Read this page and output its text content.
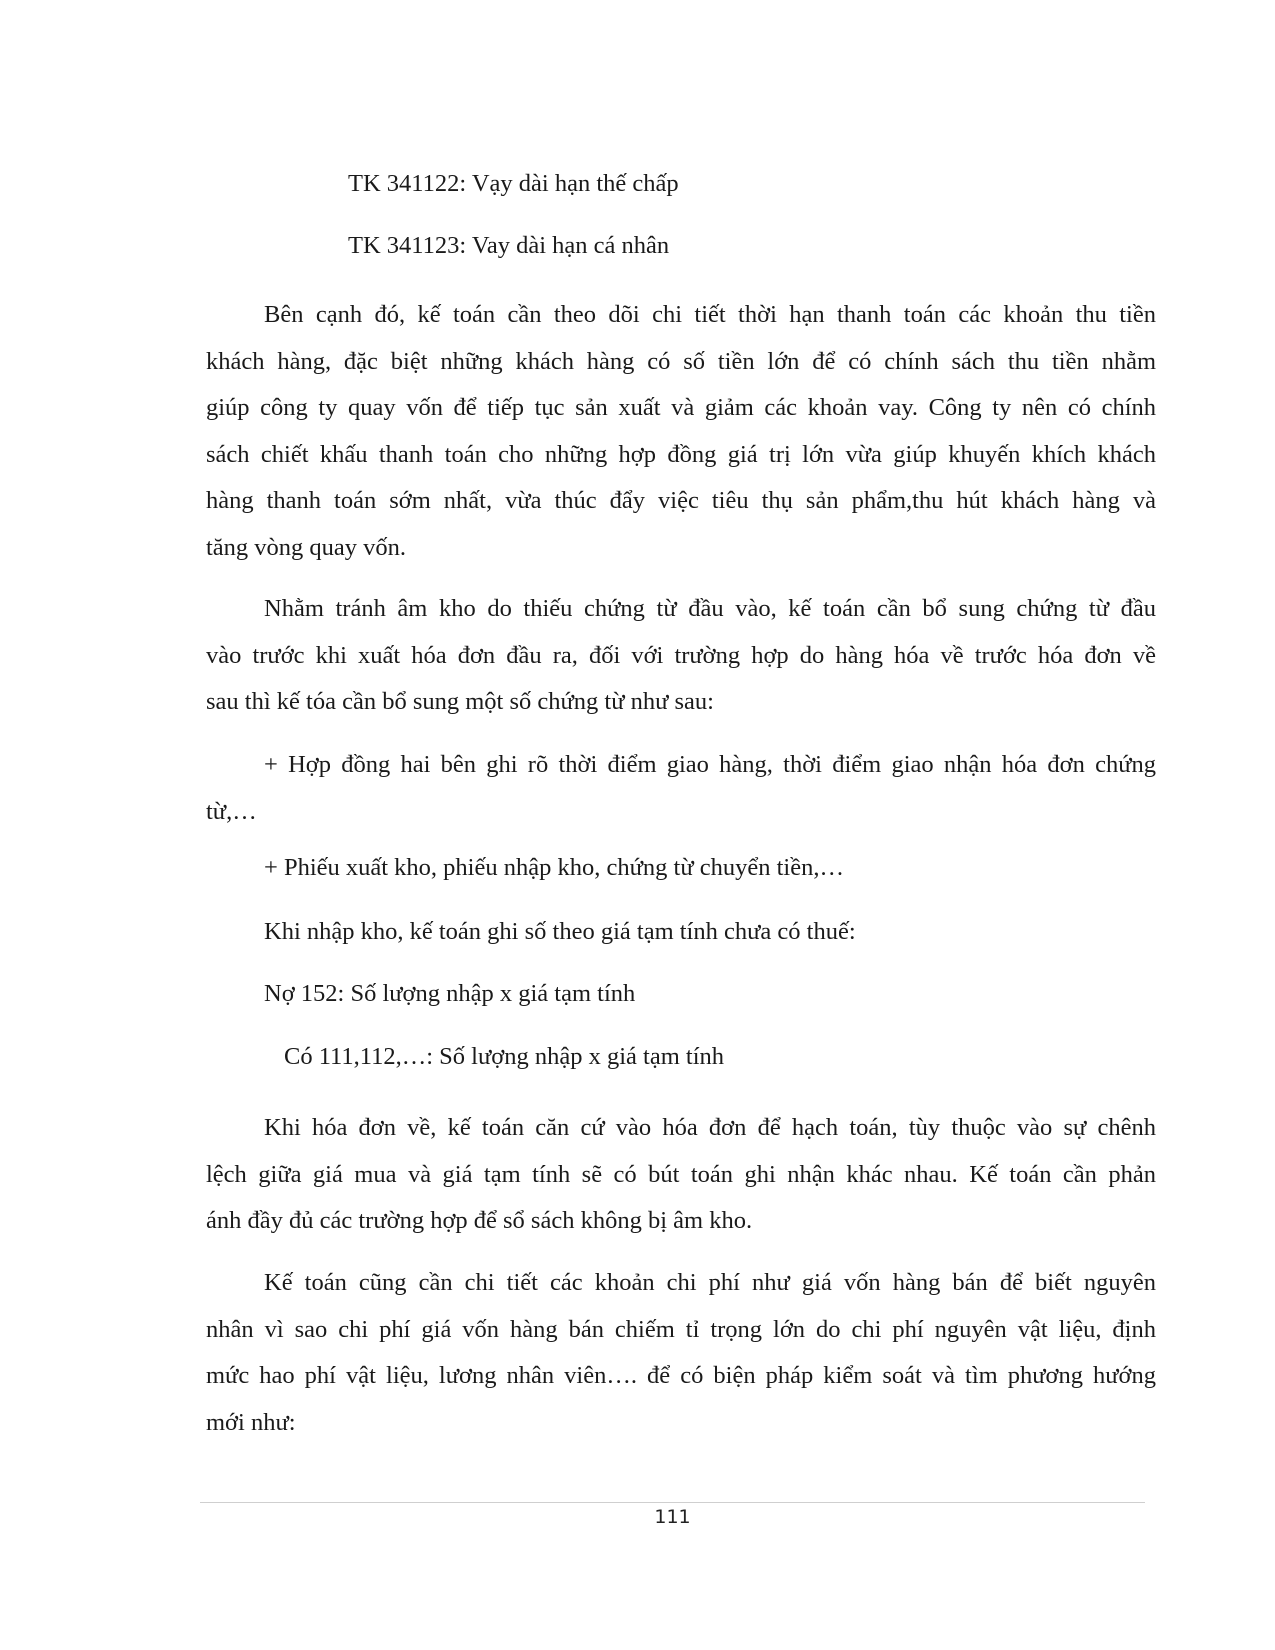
TK 341122: Vạy dài hạn thế chấp
TK 341123: Vay dài hạn cá nhân
Bên cạnh đó, kế toán cần theo dõi chi tiết thời hạn thanh toán các khoản thu tiền
khách hàng, đặc biệt những khách hàng có số tiền lớn để có chính sách thu tiền nhằm
giúp công ty quay vốn để tiếp tục sản xuất và giảm các khoản vay. Công ty nên có chính
sách chiết khấu thanh toán cho những hợp đồng giá trị lớn vừa giúp khuyến khích khách
hàng thanh toán sớm nhất, vừa thúc đẩy việc tiêu thụ sản phẩm,thu hút khách hàng và
tăng vòng quay vốn.
Nhằm tránh âm kho do thiếu chứng từ đầu vào, kế toán cần bổ sung chứng từ đầu
vào trước khi xuất hóa đơn đầu ra, đối với trường hợp do hàng hóa về trước hóa đơn về
sau thì kế tóa cần bổ sung một số chứng từ như sau:
+ Hợp đồng hai bên ghi rõ thời điểm giao hàng, thời điểm giao nhận hóa đơn chứng
từ,…
+ Phiếu xuất kho, phiếu nhập kho, chứng từ chuyển tiền,…
Khi nhập kho, kế toán ghi số theo giá tạm tính chưa có thuế:
Nợ 152: Số lượng nhập x giá tạm tính
Có 111,112,…: Số lượng nhập x giá tạm tính
Khi hóa đơn về, kế toán căn cứ vào hóa đơn để hạch toán, tùy thuộc vào sự chênh
lệch giữa giá mua và giá tạm tính sẽ có bút toán ghi nhận khác nhau. Kế toán cần phản
ánh đầy đủ các trường hợp để sổ sách không bị âm kho.
Kế toán cũng cần chi tiết các khoản chi phí như giá vốn hàng bán để biết nguyên
nhân vì sao chi phí giá vốn hàng bán chiếm tỉ trọng lớn do chi phí nguyên vật liệu, định
mức hao phí vật liệu, lương nhân viên…. để có biện pháp kiểm soát và tìm phương hướng
mới như:
111
